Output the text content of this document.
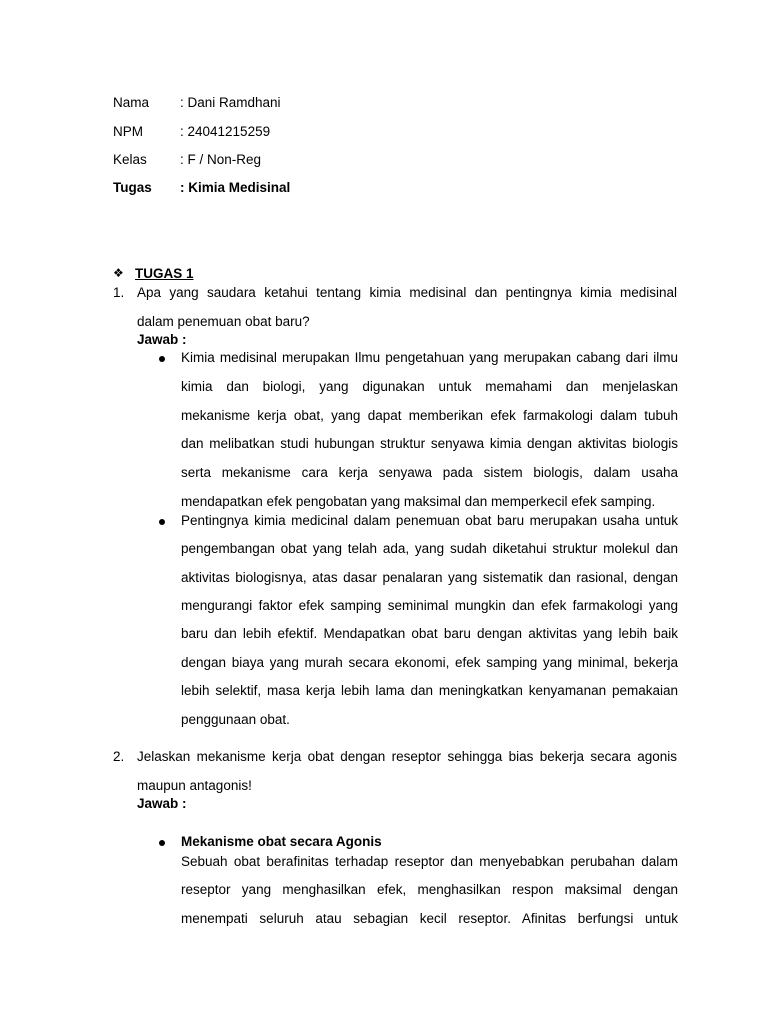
Nama : Dani Ramdhani
NPM	: 24041215259
Kelas : F / Non-Reg
Tugas : Kimia Medisinal
❖ TUGAS 1
1. Apa yang saudara ketahui tentang kimia medisinal dan pentingnya kimia medisinal
dalam penemuan obat baru?
Jawab :
Kimia medisinal merupakan Ilmu pengetahuan yang merupakan cabang dari ilmu
kimia dan biologi, yang digunakan untuk memahami dan menjelaskan
mekanisme kerja obat, yang dapat memberikan efek farmakologi dalam tubuh
dan melibatkan studi hubungan struktur senyawa kimia dengan aktivitas biologis
serta mekanisme cara kerja senyawa pada sistem biologis, dalam usaha
mendapatkan efek pengobatan yang maksimal dan memperkecil efek samping.
Pentingnya kimia medicinal dalam penemuan obat baru merupakan usaha untuk
pengembangan obat yang telah ada, yang sudah diketahui struktur molekul dan
aktivitas biologisnya, atas dasar penalaran yang sistematik dan rasional, dengan
mengurangi faktor efek samping seminimal mungkin dan efek farmakologi yang
baru dan lebih efektif. Mendapatkan obat baru dengan aktivitas yang lebih baik
dengan biaya yang murah secara ekonomi, efek samping yang minimal, bekerja
lebih selektif, masa kerja lebih lama dan meningkatkan kenyamanan pemakaian
penggunaan obat.
2. Jelaskan mekanisme kerja obat dengan reseptor sehingga bias bekerja secara agonis
maupun antagonis!
Jawab :
Mekanisme obat secara Agonis
Sebuah obat berafinitas terhadap reseptor dan menyebabkan perubahan dalam
reseptor yang menghasilkan efek, menghasilkan respon maksimal dengan
menempati seluruh atau sebagian kecil reseptor. Afinitas berfungsi untuk
